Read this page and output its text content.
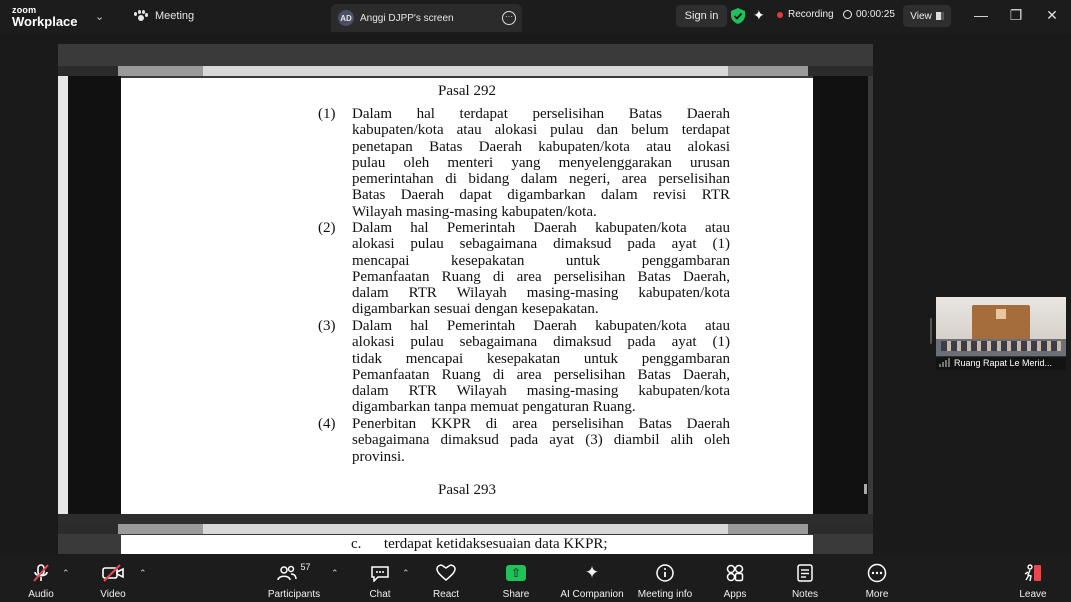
zoom
Workplace ⌄	Meeting	AD Anggi DJPP's screen	···	Sign in	✦ Recording 00:00:25 View	— ❐ ✕
Pasal 292
(1) Dalam hal terdapat perselisihan Batas Daerah
kabupaten/kota atau alokasi pulau dan belum terdapat
penetapan Batas Daerah kabupaten/kota atau alokasi
pulau oleh menteri yang menyelenggarakan urusan
pemerintahan di bidang dalam negeri, area perselisihan
Batas Daerah dapat digambarkan dalam revisi RTR
Wilayah masing-masing kabupaten/kota.
(2) Dalam hal Pemerintah Daerah kabupaten/kota atau
alokasi pulau sebagaimana dimaksud pada ayat (1)
mencapai kesepakatan untuk penggambaran
Pemanfaatan Ruang di area perselisihan Batas Daerah,
dalam RTR Wilayah masing-masing kabupaten/kota
digambarkan sesuai dengan kesepakatan.
(3) Dalam hal Pemerintah Daerah kabupaten/kota atau
alokasi pulau sebagaimana dimaksud pada ayat (1)
tidak mencapai kesepakatan untuk penggambaran
Pemanfaatan Ruang di area perselisihan Batas Daerah,
dalam RTR Wilayah masing-masing kabupaten/kota
digambarkan tanpa memuat pengaturan Ruang.
(4) Penerbitan KKPR di area perselisihan Batas Daerah
sebagaimana dimaksud pada ayat (3) diambil alih oleh
provinsi.
Pasal 293
c.      terdapat ketidaksesuaian data KKPR;
Ruang Rapat Le Merid...
Audio
⌃
Video
⌃
57
Participants
⌃
Chat
⌃
React
⇧
Share
✦
AI Companion Meeting info	Apps	Notes	More	Leave
